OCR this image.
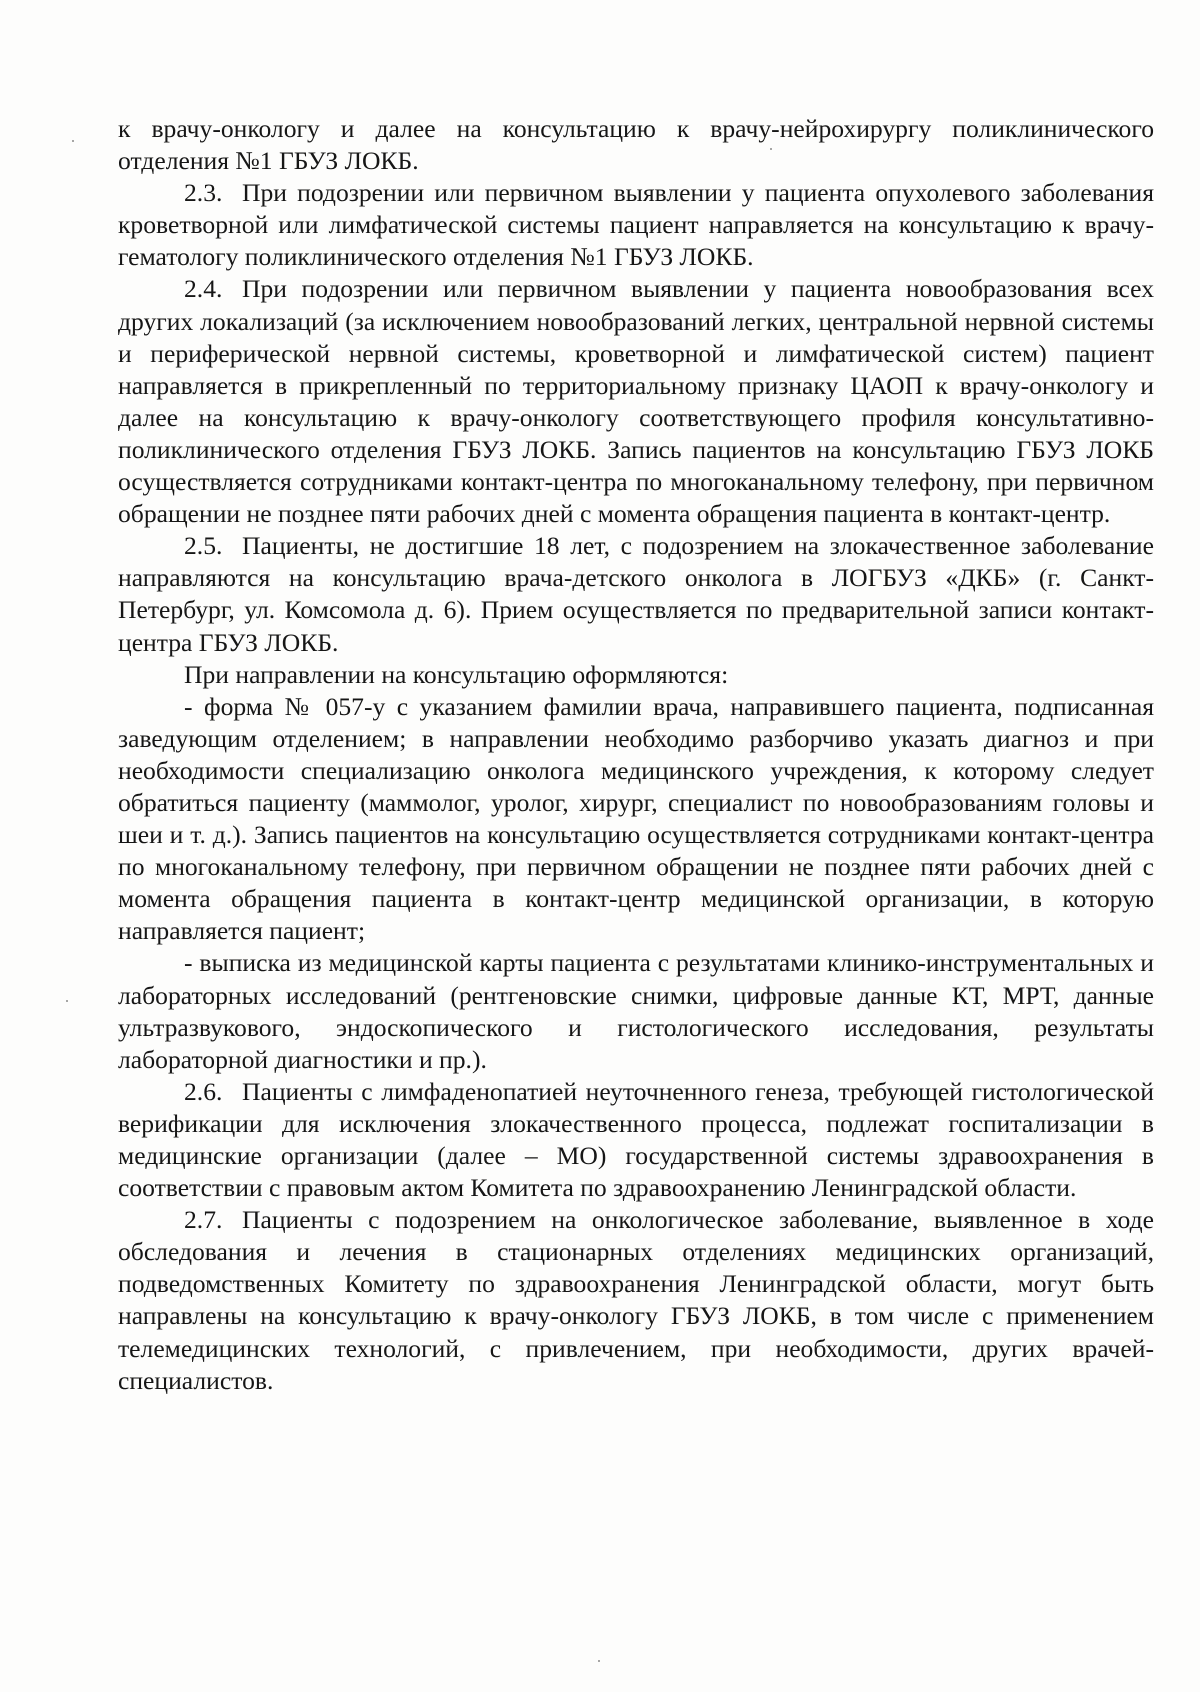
к врачу-онкологу и далее на консультацию к врачу-нейрохирургу поликлинического отделения №1 ГБУЗ ЛОКБ.

2.3. При подозрении или первичном выявлении у пациента опухолевого заболевания кроветворной или лимфатической системы пациент направляется на консультацию к врачу-гематологу поликлинического отделения №1 ГБУЗ ЛОКБ.

2.4. При подозрении или первичном выявлении у пациента новообразования всех других локализаций (за исключением новообразований легких, центральной нервной системы и периферической нервной системы, кроветворной и лимфатической систем) пациент направляется в прикрепленный по территориальному признаку ЦАОП к врачу-онкологу и далее на консультацию к врачу-онкологу соответствующего профиля консультативно-поликлинического отделения ГБУЗ ЛОКБ. Запись пациентов на консультацию ГБУЗ ЛОКБ осуществляется сотрудниками контакт-центра по многоканальному телефону, при первичном обращении не позднее пяти рабочих дней с момента обращения пациента в контакт-центр.

2.5. Пациенты, не достигшие 18 лет, с подозрением на злокачественное заболевание направляются на консультацию врача-детского онколога в ЛОГБУЗ «ДКБ» (г. Санкт-Петербург, ул. Комсомола д. 6). Прием осуществляется по предварительной записи контакт-центра ГБУЗ ЛОКБ.

При направлении на консультацию оформляются:

- форма № 057-у с указанием фамилии врача, направившего пациента, подписанная заведующим отделением; в направлении необходимо разборчиво указать диагноз и при необходимости специализацию онколога медицинского учреждения, к которому следует обратиться пациенту (маммолог, уролог, хирург, специалист по новообразованиям головы и шеи и т. д.). Запись пациентов на консультацию осуществляется сотрудниками контакт-центра по многоканальному телефону, при первичном обращении не позднее пяти рабочих дней с момента обращения пациента в контакт-центр медицинской организации, в которую направляется пациент;

- выписка из медицинской карты пациента с результатами клинико-инструментальных и лабораторных исследований (рентгеновские снимки, цифровые данные КТ, МРТ, данные ультразвукового, эндоскопического и гистологического исследования, результаты лабораторной диагностики и пр.).

2.6. Пациенты с лимфаденопатией неуточненного генеза, требующей гистологической верификации для исключения злокачественного процесса, подлежат госпитализации в медицинские организации (далее – МО) государственной системы здравоохранения в соответствии с правовым актом Комитета по здравоохранению Ленинградской области.

2.7. Пациенты с подозрением на онкологическое заболевание, выявленное в ходе обследования и лечения в стационарных отделениях медицинских организаций, подведомственных Комитету по здравоохранения Ленинградской области, могут быть направлены на консультацию к врачу-онкологу ГБУЗ ЛОКБ, в том числе с применением телемедицинских технологий, с привлечением, при необходимости, других врачей-специалистов.
